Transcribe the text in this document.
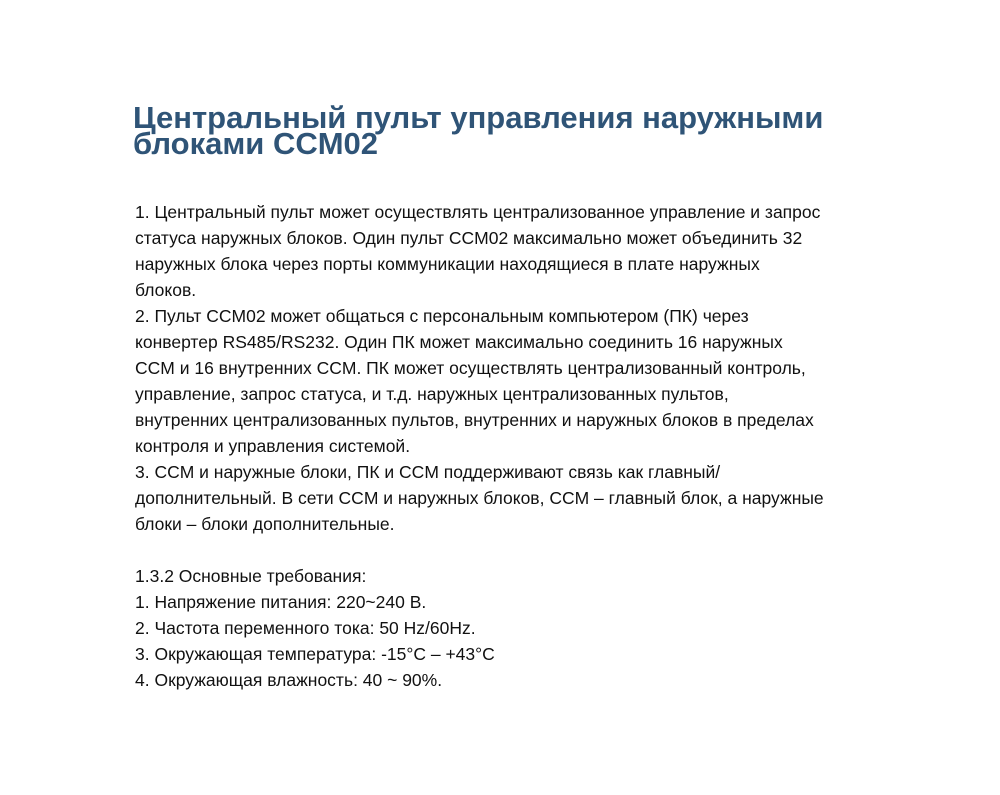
Центральный пульт управления наружными
блоками CCM02
1. Центральный пульт может осуществлять централизованное управление и запрос
статуса наружных блоков. Один пульт CCM02 максимально может объединить 32
наружных блока через порты коммуникации находящиеся в плате наружных
блоков.
2. Пульт CCM02 может общаться с персональным компьютером (ПК) через
конвертер RS485/RS232. Один ПК может максимально соединить 16 наружных
CCM и 16 внутренних CCM. ПК может осуществлять централизованный контроль,
управление, запрос статуса, и т.д. наружных централизованных пультов,
внутренних централизованных пультов, внутренних и наружных блоков в пределах
контроля и управления системой.
3. CCM и наружные блоки, ПК и CCM поддерживают связь как главный/
дополнительный. В сети CCM и наружных блоков, CCM – главный блок, а наружные
блоки – блоки дополнительные.
1.3.2 Основные требования:
1. Напряжение питания: 220~240 В.
2. Частота переменного тока: 50 Hz/60Hz.
3. Окружающая температура: -15°C – +43°C
4. Окружающая влажность: 40 ~ 90%.
